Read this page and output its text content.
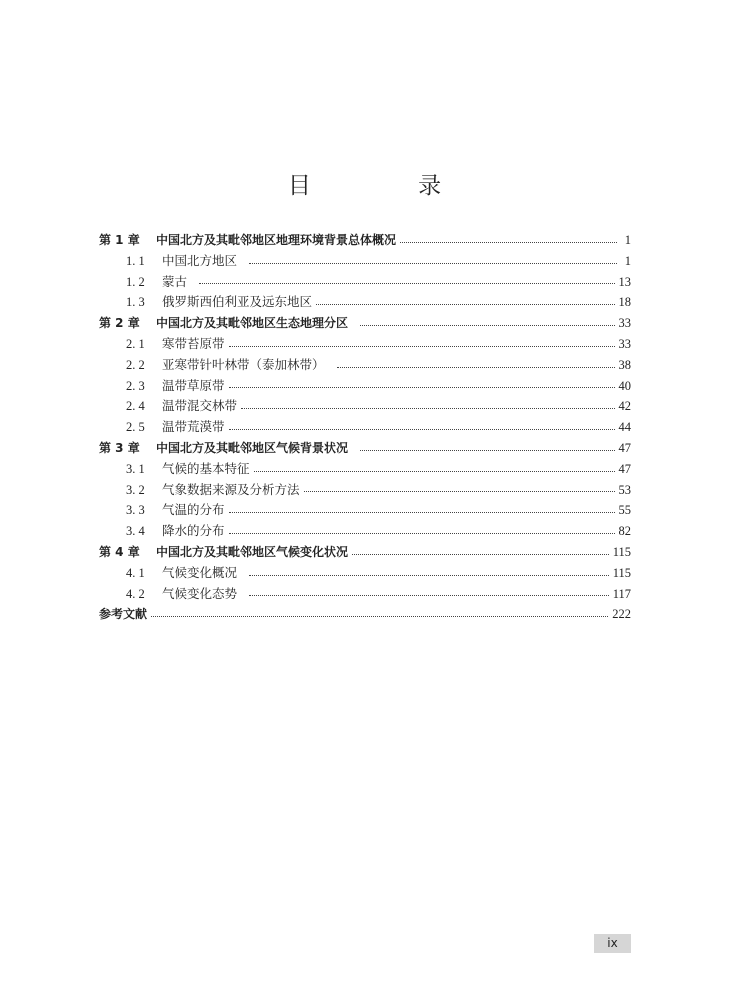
目 录
第 1 章	中国北方及其毗邻地区地理环境背景总体概况	1
1. 1	中国北方地区	1
1. 2	蒙古	13
1. 3	俄罗斯西伯利亚及远东地区	18
第 2 章	中国北方及其毗邻地区生态地理分区	33
2. 1	寒带苔原带	33
2. 2	亚寒带针叶林带（泰加林带）	38
2. 3	温带草原带	40
2. 4	温带混交林带	42
2. 5	温带荒漠带	44
第 3 章	中国北方及其毗邻地区气候背景状况	47
3. 1	气候的基本特征	47
3. 2	气象数据来源及分析方法	53
3. 3	气温的分布	55
3. 4	降水的分布	82
第 4 章	中国北方及其毗邻地区气候变化状况	115
4. 1	气候变化概况	115
4. 2	气候变化态势	117
参考文献	222
ix
